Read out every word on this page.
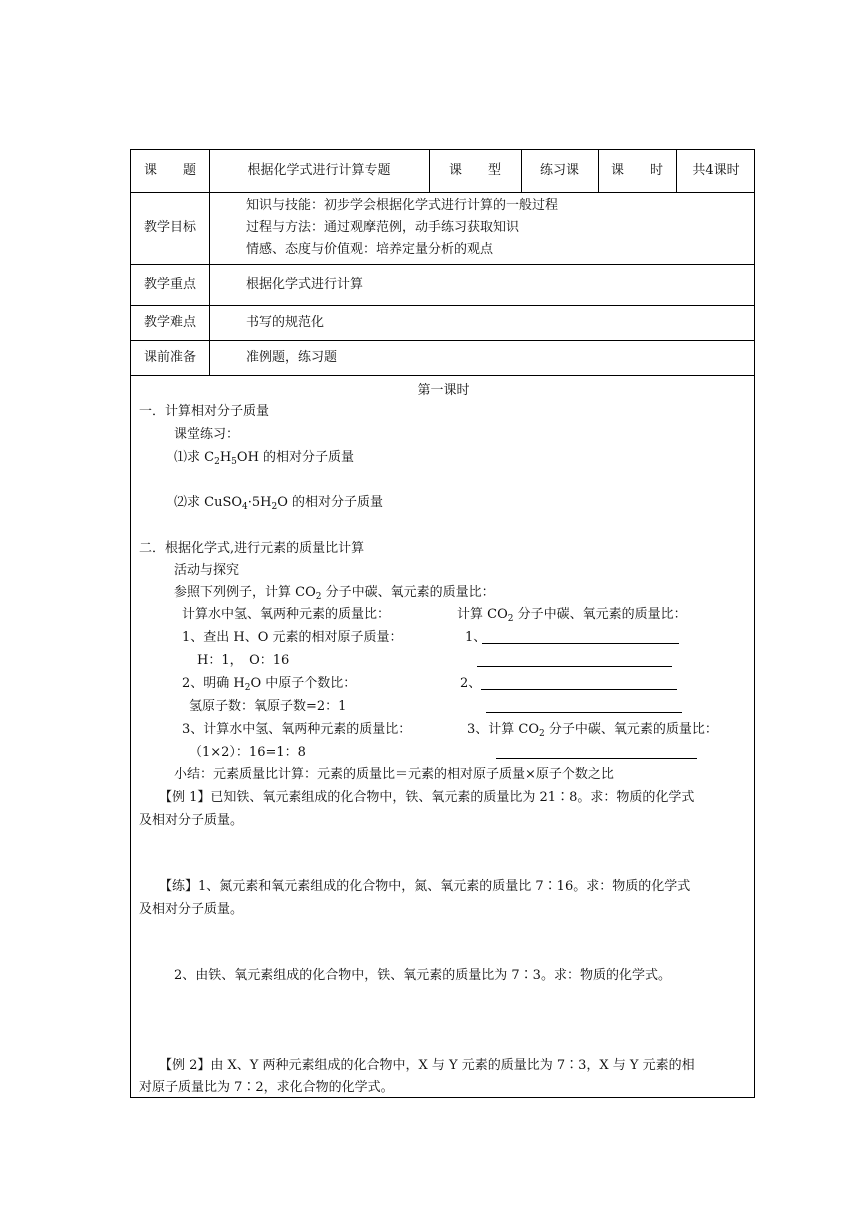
课　　题	根据化学式进行计算专题	课　　型	练习课	课　　时	共4课时
教学目标
知识与技能：初步学会根据化学式进行计算的一般过程
过程与方法：通过观摩范例，动手练习获取知识
情感、态度与价值观：培养定量分析的观点
教学重点	根据化学式进行计算
教学难点	书写的规范化
课前准备	准例题，练习题
第一课时
一．计算相对分子质量
课堂练习：
⑴求 $C_2H_5OH$ 的相对分子质量
⑵求 $CuSO_4\cdot 5H_2O$ 的相对分子质量
二．根据化学式,进行元素的质量比计算
活动与探究
参照下列例子，计算 $CO_2$ 分子中碳、氧元素的质量比：
计算水中氢、氧两种元素的质量比：	计算 $CO_2$ 分子中碳、氧元素的质量比：
1、查出 H、O 元素的相对原子质量：	1、
H：1，　O：16
2、明确 $H_2O$ 中原子个数比：	2、
氢原子数：氧原子数=2：1
3、计算水中氢、氧两种元素的质量比：	3、计算 $CO_2$ 分子中碳、氧元素的质量比：
（1×2）：16=1：8
小结：元素质量比计算：元素的质量比＝元素的相对原子质量×原子个数之比
【例 1】已知铁、氧元素组成的化合物中，铁、氧元素的质量比为 21∶8。求：物质的化学式
及相对分子质量。
【练】1、氮元素和氧元素组成的化合物中，氮、氧元素的质量比 7∶16。求：物质的化学式
及相对分子质量。
2、由铁、氧元素组成的化合物中，铁、氧元素的质量比为 7∶3。求：物质的化学式。
【例 2】由 X、Y 两种元素组成的化合物中，X 与 Y 元素的质量比为 7∶3，X 与 Y 元素的相
对原子质量比为 7∶2，求化合物的化学式。
